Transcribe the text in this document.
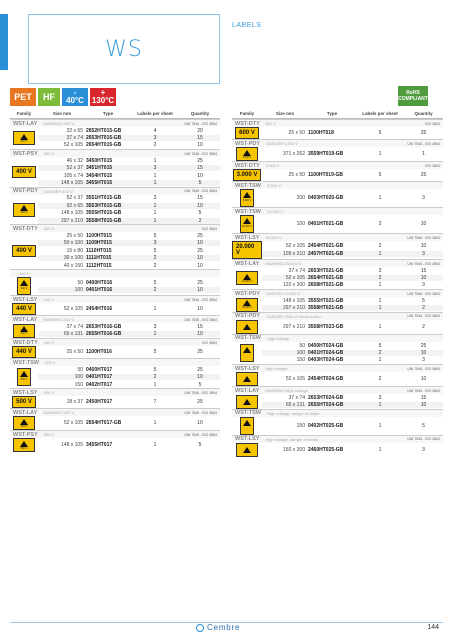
WS
LABELS
PET	HF	-
40°C
+
130°C
RoHS
COMPLIANT
Family	Size mm	Type	Labels per sheet	Quantity
WST-LAY WARNING 400 V	UNI 7546 - ISO 3864
400 V
32 x 65 2652HT015-GB	4	20
37 x 74 2653HT015-GB	3	15
52 x 105 2654HT015-GB	2	10
WST-PSY 400 V	UNI 7546 - ISO 3864
400 V
46 x 32 3450HT015	1	25
52 x 37 3451HT015	3	15
105 x 74 3454HT015	1	10
148 x 105 3455HT015	1	5
WST-PDY DANGER 400 V	UNI 7546 - ISO 3864
400 V
52 x 37 3551HT015-GB	3	15
92 x 65 3553HT015-GB	1	10
148 x 105 3555HT015-GB	1	5
297 x 210 3558HT015-GB	1	2
WST-DTY 400 V	ISO 3864
400 V
25 x 50 1100HT015	5	25
50 x 100 1109HT015	3	10
15 x 80 1110HT015	5	25
30 x 100 1111HT015	2	10
40 x 150 1112HT015	2	10
440 V
440 V
50 0400HT016	5	25
100 0401HT016	2	10
WST-LSY 440 V	UNI 7546 - ISO 3864
440 V	52 x 105 2454HT016	1	10
WST-LAY WARNING 440 V	UNI 7546 - ISO 3864
440 V
37 x 74 2653HT016-GB	3	15
65 x 131 2655HT016-GB	1	10
WST-DTY 440 V	ISO 3864
440 V	25 x 50 1100HT016	5	25
WST-TSW 500 V
500 V
50 0400HT017	5	25
100 0401HT017	2	10
150 0402HT017	1	5
WST-LSY 500 V	UNI 7546 - ISO 3864
500 V	18 x 37 2450HT017	7	25
WST-LAY WARNING 500 V	UNI 7546 - ISO 3864
500 V
52 x 105 2654HT017-GB	1	10
WST-PSY 500 V	UNI 7546 - ISO 3864
500 V
148 x 105 3455HT017	1	5
Family	Size mm	Type	Labels per sheet	Quantity
WST-DTY 600 V	ISO 3864
600 V	25 x 50 1100HT018	5	25
WST-PDY DANGER 3.000 V	UNI 7546 - ISO 3864
3.000 V
371 x 262 3559HT019-GB	1	1
WST-DTY 3.000 V	ISO 3864
3.000 V	25 x 50 1100HT019-GB	5	25
WST-TSW 5.000 V
5.000 V	200 0403HT020-GB	1	3
WST-TSW 20.000 V
20.000 V	100 0401HT021-GB	2	10
WST-LSY 20.000 V	UNI 7546 - ISO 3864
20.000 V
52 x 105 2454HT021-GB	2	10
105 x 210 2457HT021-GB	1	3
WST-LAY WARNING 20.000 V	UNI 7546 - ISO 3864
20.000 V
37 x 74 2653HT021-GB	3	15
52 x 105 2654HT021-GB	2	10
120 x 200 2658HT021-GB	1	3
WST-PDY DANGER 20.000 V	UNI 7546 - ISO 3864
20.000 V
148 x 105 3555HT021-GB	1	5
297 x 210 3558HT021-GB	1	2
WST-PDY DANGER: Risk of electrocution	UNI 7546 - ISO 3864
297 x 210 3558HT023-GB	1	2
WST-TSW High voltage
50 0400HT024-GB	5	25
100 0401HT024-GB	2	10
150 0403HT024-GB	1	3
WST-LSY High voltage	UNI 7546 - ISO 3864
52 x 105 2454HT024-GB	2	10
WST-LAY WARNING High voltage	UNI 7546 - ISO 3864
37 x 74 2653HT024-GB	3	15
65 x 131 2655HT024-GB	1	10
WST-TSW High voltage, danger of death
150 0402HT025-GB	1	5
WST-LSY High voltage, danger of death	UNI 7546 - ISO 3864
150 x 300 2460HT025-GB	1	3
Cembre	144
